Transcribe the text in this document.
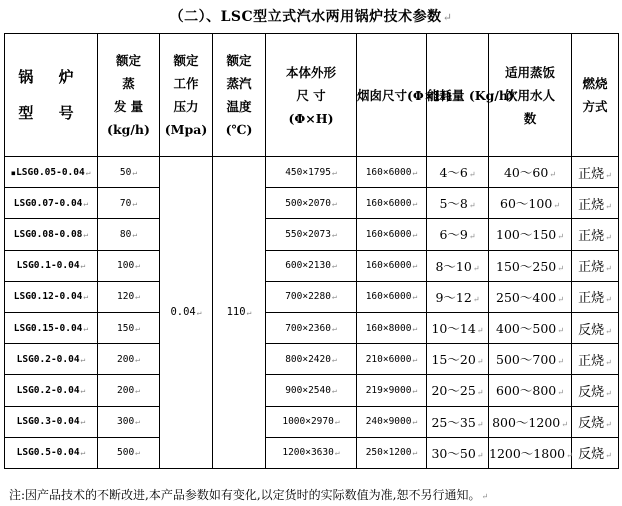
（二）、LSC型立式汽水两用锅炉技术参数↵
锅 炉
型 号	额定
蒸
发 量
(kg/h)	额定
工作
压力
(Mpa)	额定
蒸汽
温度
(℃)	本体外形
尺 寸
(Φ×H)	烟囱尺寸(Φ×H)	能耗量 (Kg/h)	适用蒸饭
饮用水人
数	燃烧
方式

■LSG0.05-0.04↵	50↵	0.04↵	110↵	450×1795↵	160×6000↵	4～6↵	40～60↵	正烧↵
LSG0.07-0.04↵	70↵			500×2070↵	160×6000↵	5～8↵	60～100↵	正烧↵
LSG0.08-0.08↵	80↵			550×2073↵	160×6000↵	6～9↵	100～150↵	正烧↵
LSG0.1-0.04↵	100↵			600×2130↵	160×6000↵	8～10↵	150～250↵	正烧↵
LSG0.12-0.04↵	120↵			700×2280↵	160×6000↵	9～12↵	250～400↵	正烧↵
LSG0.15-0.04↵	150↵			700×2360↵	160×8000↵	10～14↵	400～500↵	反烧↵
LSG0.2-0.04↵	200↵			800×2420↵	210×6000↵	15～20↵	500～700↵	正烧↵
LSG0.2-0.04↵	200↵			900×2540↵	219×9000↵	20～25↵	600～800↵	反烧↵
LSG0.3-0.04↵	300↵			1000×2970↵	240×9000↵	25～35↵	800～1200↵	反烧↵
LSG0.5-0.04↵	500↵			1200×3630↵	250×1200↵	30～50↵	1200～1800↵	反烧↵
注:因产品技术的不断改进,本产品参数如有变化,以定货时的实际数值为准,恕不另行通知。↵
